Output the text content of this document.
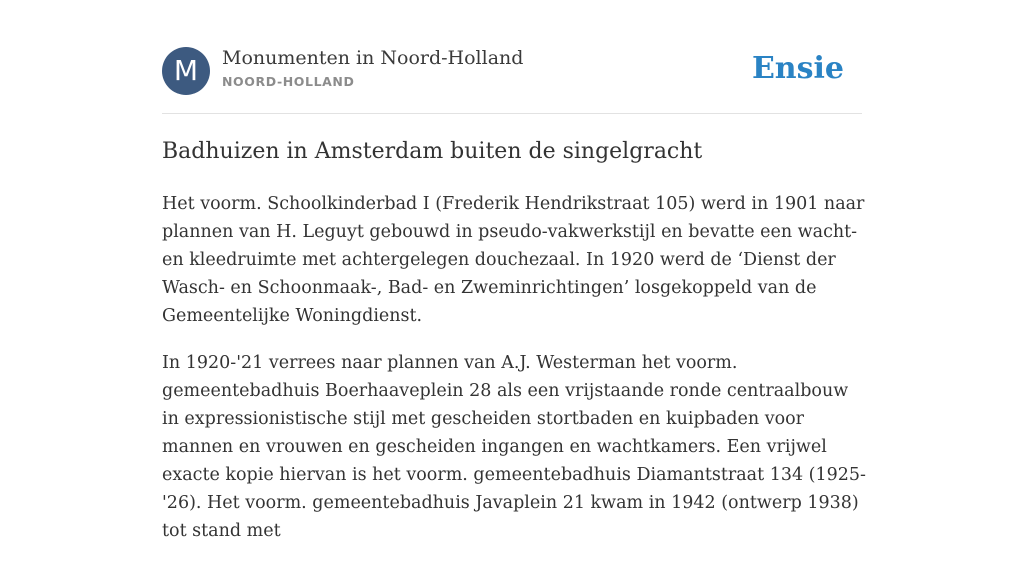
M	Monumenten in Noord-Holland
NOORD-HOLLAND	Ensie
Badhuizen in Amsterdam buiten de singelgracht

Het voorm. Schoolkinderbad I (Frederik Hendrikstraat 105) werd in 1901 naar plannen van H. Leguyt gebouwd in pseudo-vakwerkstijl en bevatte een wacht- en kleedruimte met achtergelegen douchezaal. In 1920 werd de ‘Dienst der Wasch- en Schoonmaak-, Bad- en Zweminrichtingen’ losgekoppeld van de Gemeentelijke Woningdienst.

In 1920-'21 verrees naar plannen van A.J. Westerman het voorm. gemeentebadhuis Boerhaaveplein 28 als een vrijstaande ronde centraalbouw in expressionistische stijl met gescheiden stortbaden en kuipbaden voor mannen en vrouwen en gescheiden ingangen en wachtkamers. Een vrijwel exacte kopie hiervan is het voorm. gemeentebadhuis Diamantstraat 134 (1925-'26). Het voorm. gemeentebadhuis Javaplein 21 kwam in 1942 (ontwerp 1938) tot stand met
